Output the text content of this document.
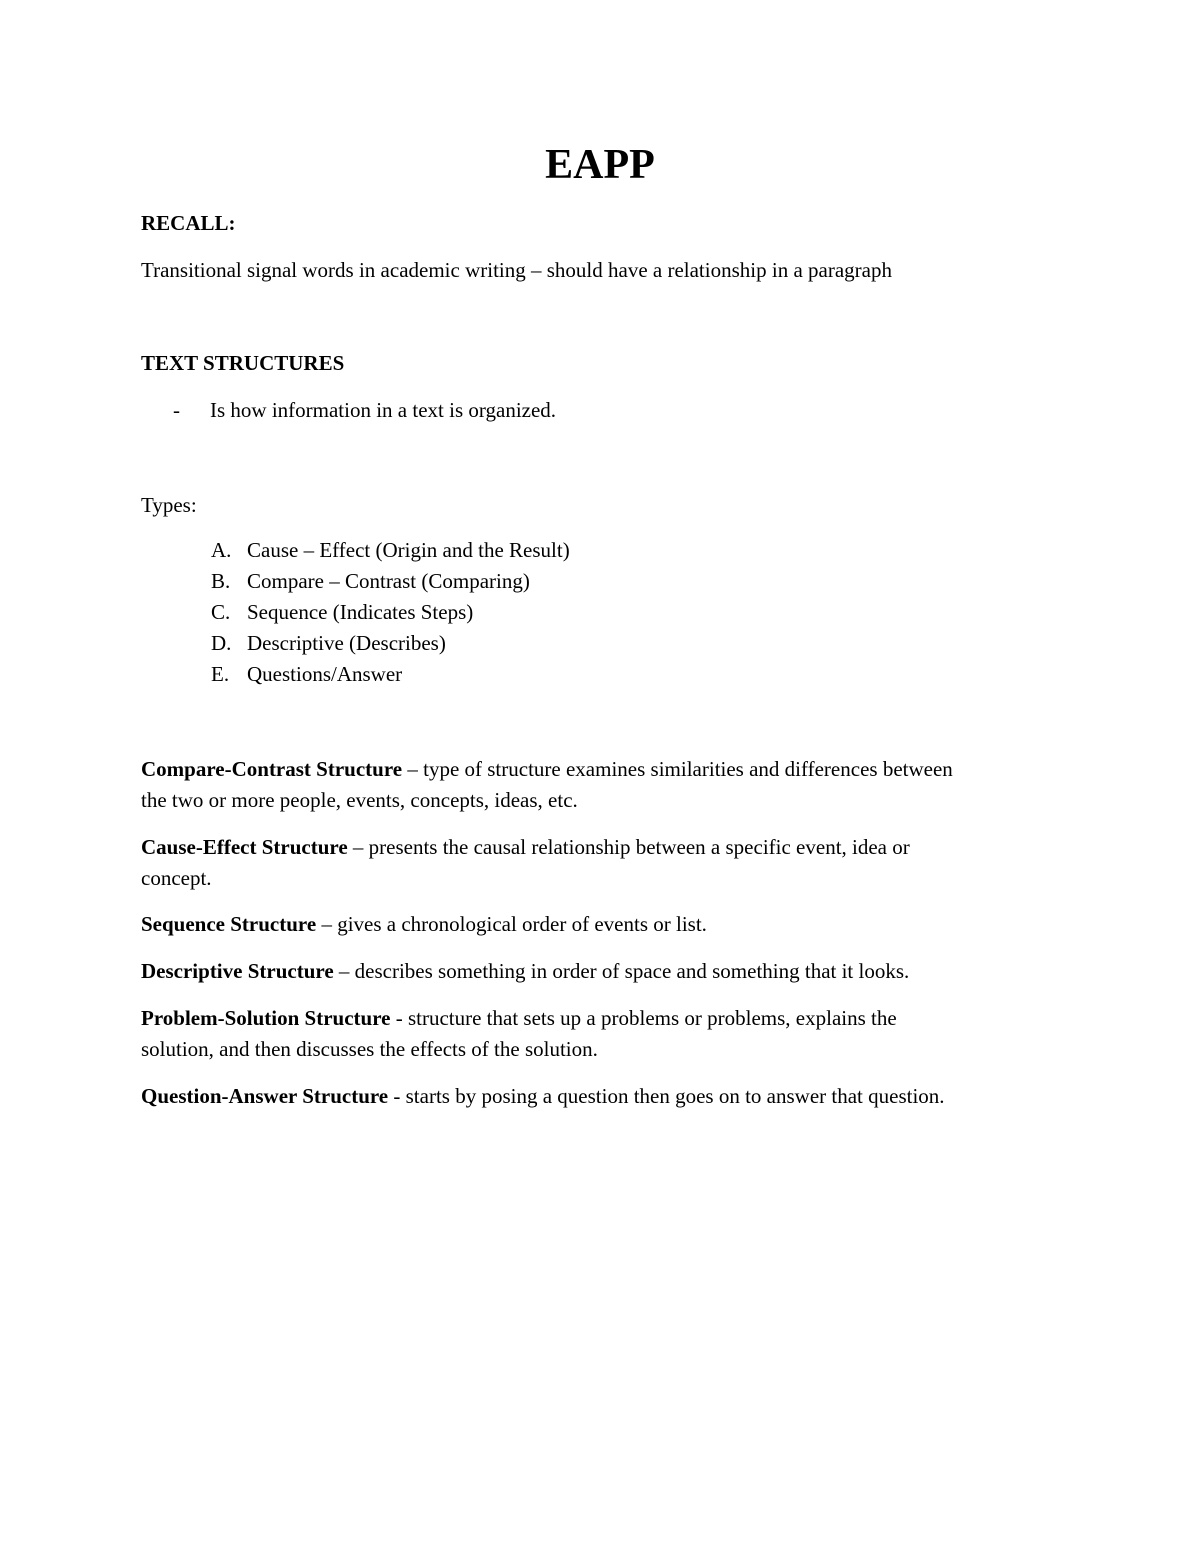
EAPP
RECALL:
Transitional signal words in academic writing – should have a relationship in a paragraph
TEXT STRUCTURES
- Is how information in a text is organized.
Types:
A. Cause – Effect (Origin and the Result)
B. Compare – Contrast (Comparing)
C. Sequence (Indicates Steps)
D. Descriptive (Describes)
E. Questions/Answer
Compare-Contrast Structure – type of structure examines similarities and differences between
the two or more people, events, concepts, ideas, etc.
Cause-Effect Structure – presents the causal relationship between a specific event, idea or
concept.
Sequence Structure – gives a chronological order of events or list.
Descriptive Structure – describes something in order of space and something that it looks.
Problem-Solution Structure - structure that sets up a problems or problems, explains the
solution, and then discusses the effects of the solution.
Question-Answer Structure - starts by posing a question then goes on to answer that question.
